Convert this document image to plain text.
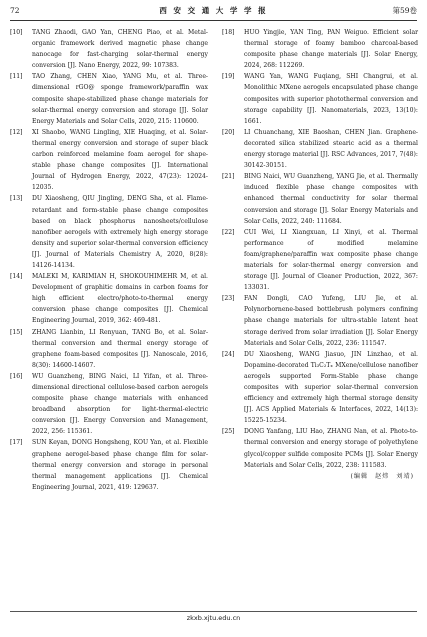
72	西 安 交 通 大 学 学 报	第59卷
[10] TANG Zhaodi, GAO Yan, CHENG Piao, et al. Metal-organic framework derived magnetic phase change nanocage for fast-charging solar-thermal energy conversion [J]. Nano Energy, 2022, 99: 107383.
[11] TAO Zhang, CHEN Xiao, YANG Mu, et al. Three-dimensional rGO@ sponge framework/paraffin wax composite shape-stabilized phase change materials for solar-thermal energy conversion and storage [J]. Solar Energy Materials and Solar Cells, 2020, 215: 110600.
[12] XI Shaobo, WANG Lingling, XIE Huaqing, et al. Solar-thermal energy conversion and storage of super black carbon reinforced melamine foam aerogel for shape-stable phase change composites [J]. International Journal of Hydrogen Energy, 2022, 47(23): 12024-12035.
[13] DU Xiaosheng, QIU Jingling, DENG Sha, et al. Flame-retardant and form-stable phase change composites based on black phosphorus nanosheets/cellulose nanofiber aerogels with extremely high energy storage density and superior solar-thermal conversion efficiency [J]. Journal of Materials Chemistry A, 2020, 8(28): 14126-14134.
[14] MALEKI M, KARIMIAN H, SHOKOUHIMEHR M, et al. Development of graphitic domains in carbon foams for high efficient electro/photo-to-thermal energy conversion phase change composites [J]. Chemical Engineering Journal, 2019, 362: 469-481.
[15] ZHANG Lianbin, LI Renyuan, TANG Bo, et al. Solar-thermal conversion and thermal energy storage of graphene foam-based composites [J]. Nanoscale, 2016, 8(30): 14600-14607.
[16] WU Guanzheng, BING Naici, LI Yifan, et al. Three-dimensional directional cellulose-based carbon aerogels composite phase change materials with enhanced broadband absorption for light-thermal-electric conversion [J]. Energy Conversion and Management, 2022, 256: 115361.
[17] SUN Keyan, DONG Hongsheng, KOU Yan, et al. Flexible graphene aerogel-based phase change film for solar-thermal energy conversion and storage in personal thermal management applications [J]. Chemical Engineering Journal, 2021, 419: 129637.
[18] HUO Yingjie, YAN Ting, PAN Weiguo. Efficient solar thermal storage of foamy bamboo charcoal-based composite phase change materials [J]. Solar Energy, 2024, 268: 112269.
[19] WANG Yan, WANG Fuqiang, SHI Changrui, et al. Monolithic MXene aerogels encapsulated phase change composites with superior photothermal conversion and storage capability [J]. Nanomaterials, 2023, 13(10): 1661.
[20] LI Chuanchang, XIE Baoshan, CHEN Jian. Graphene-decorated silica stabilized stearic acid as a thermal energy storage material [J]. RSC Advances, 2017, 7(48): 30142-30151.
[21] BING Naici, WU Guanzheng, YANG Jie, et al. Thermally induced flexible phase change composites with enhanced thermal conductivity for solar thermal conversion and storage [J]. Solar Energy Materials and Solar Cells, 2022, 240: 111684.
[22] CUI Wei, LI Xiangxuan, LI Xinyi, et al. Thermal performance of modified melamine foam/graphene/paraffin wax composite phase change materials for solar-thermal energy conversion and storage [J]. Journal of Cleaner Production, 2022, 367: 133031.
[23] FAN Dongli, CAO Yufeng, LIU Jie, et al. Polynorbornene-based bottlebrush polymers confining phase change materials for ultra-stable latent heat storage derived from solar irradiation [J]. Solar Energy Materials and Solar Cells, 2022, 236: 111547.
[24] DU Xiaosheng, WANG Jiasuo, JIN Linzhao, et al. Dopamine-decorated Ti₃C₂Tₓ MXene/cellulose nanofiber aerogels supported Form-Stable phase change composites with superior solar-thermal conversion efficiency and extremely high thermal storage density [J]. ACS Applied Materials & Interfaces, 2022, 14(13): 15225-15234.
[25] DONG Yanfang, LIU Hao, ZHANG Nan, et al. Photo-to-thermal conversion and energy storage of polyethylene glycol/copper sulfide composite PCMs [J]. Solar Energy Materials and Solar Cells, 2022, 238: 111583.
(编辑　赵炜　刘靖)
zkxb.xjtu.edu.cn
